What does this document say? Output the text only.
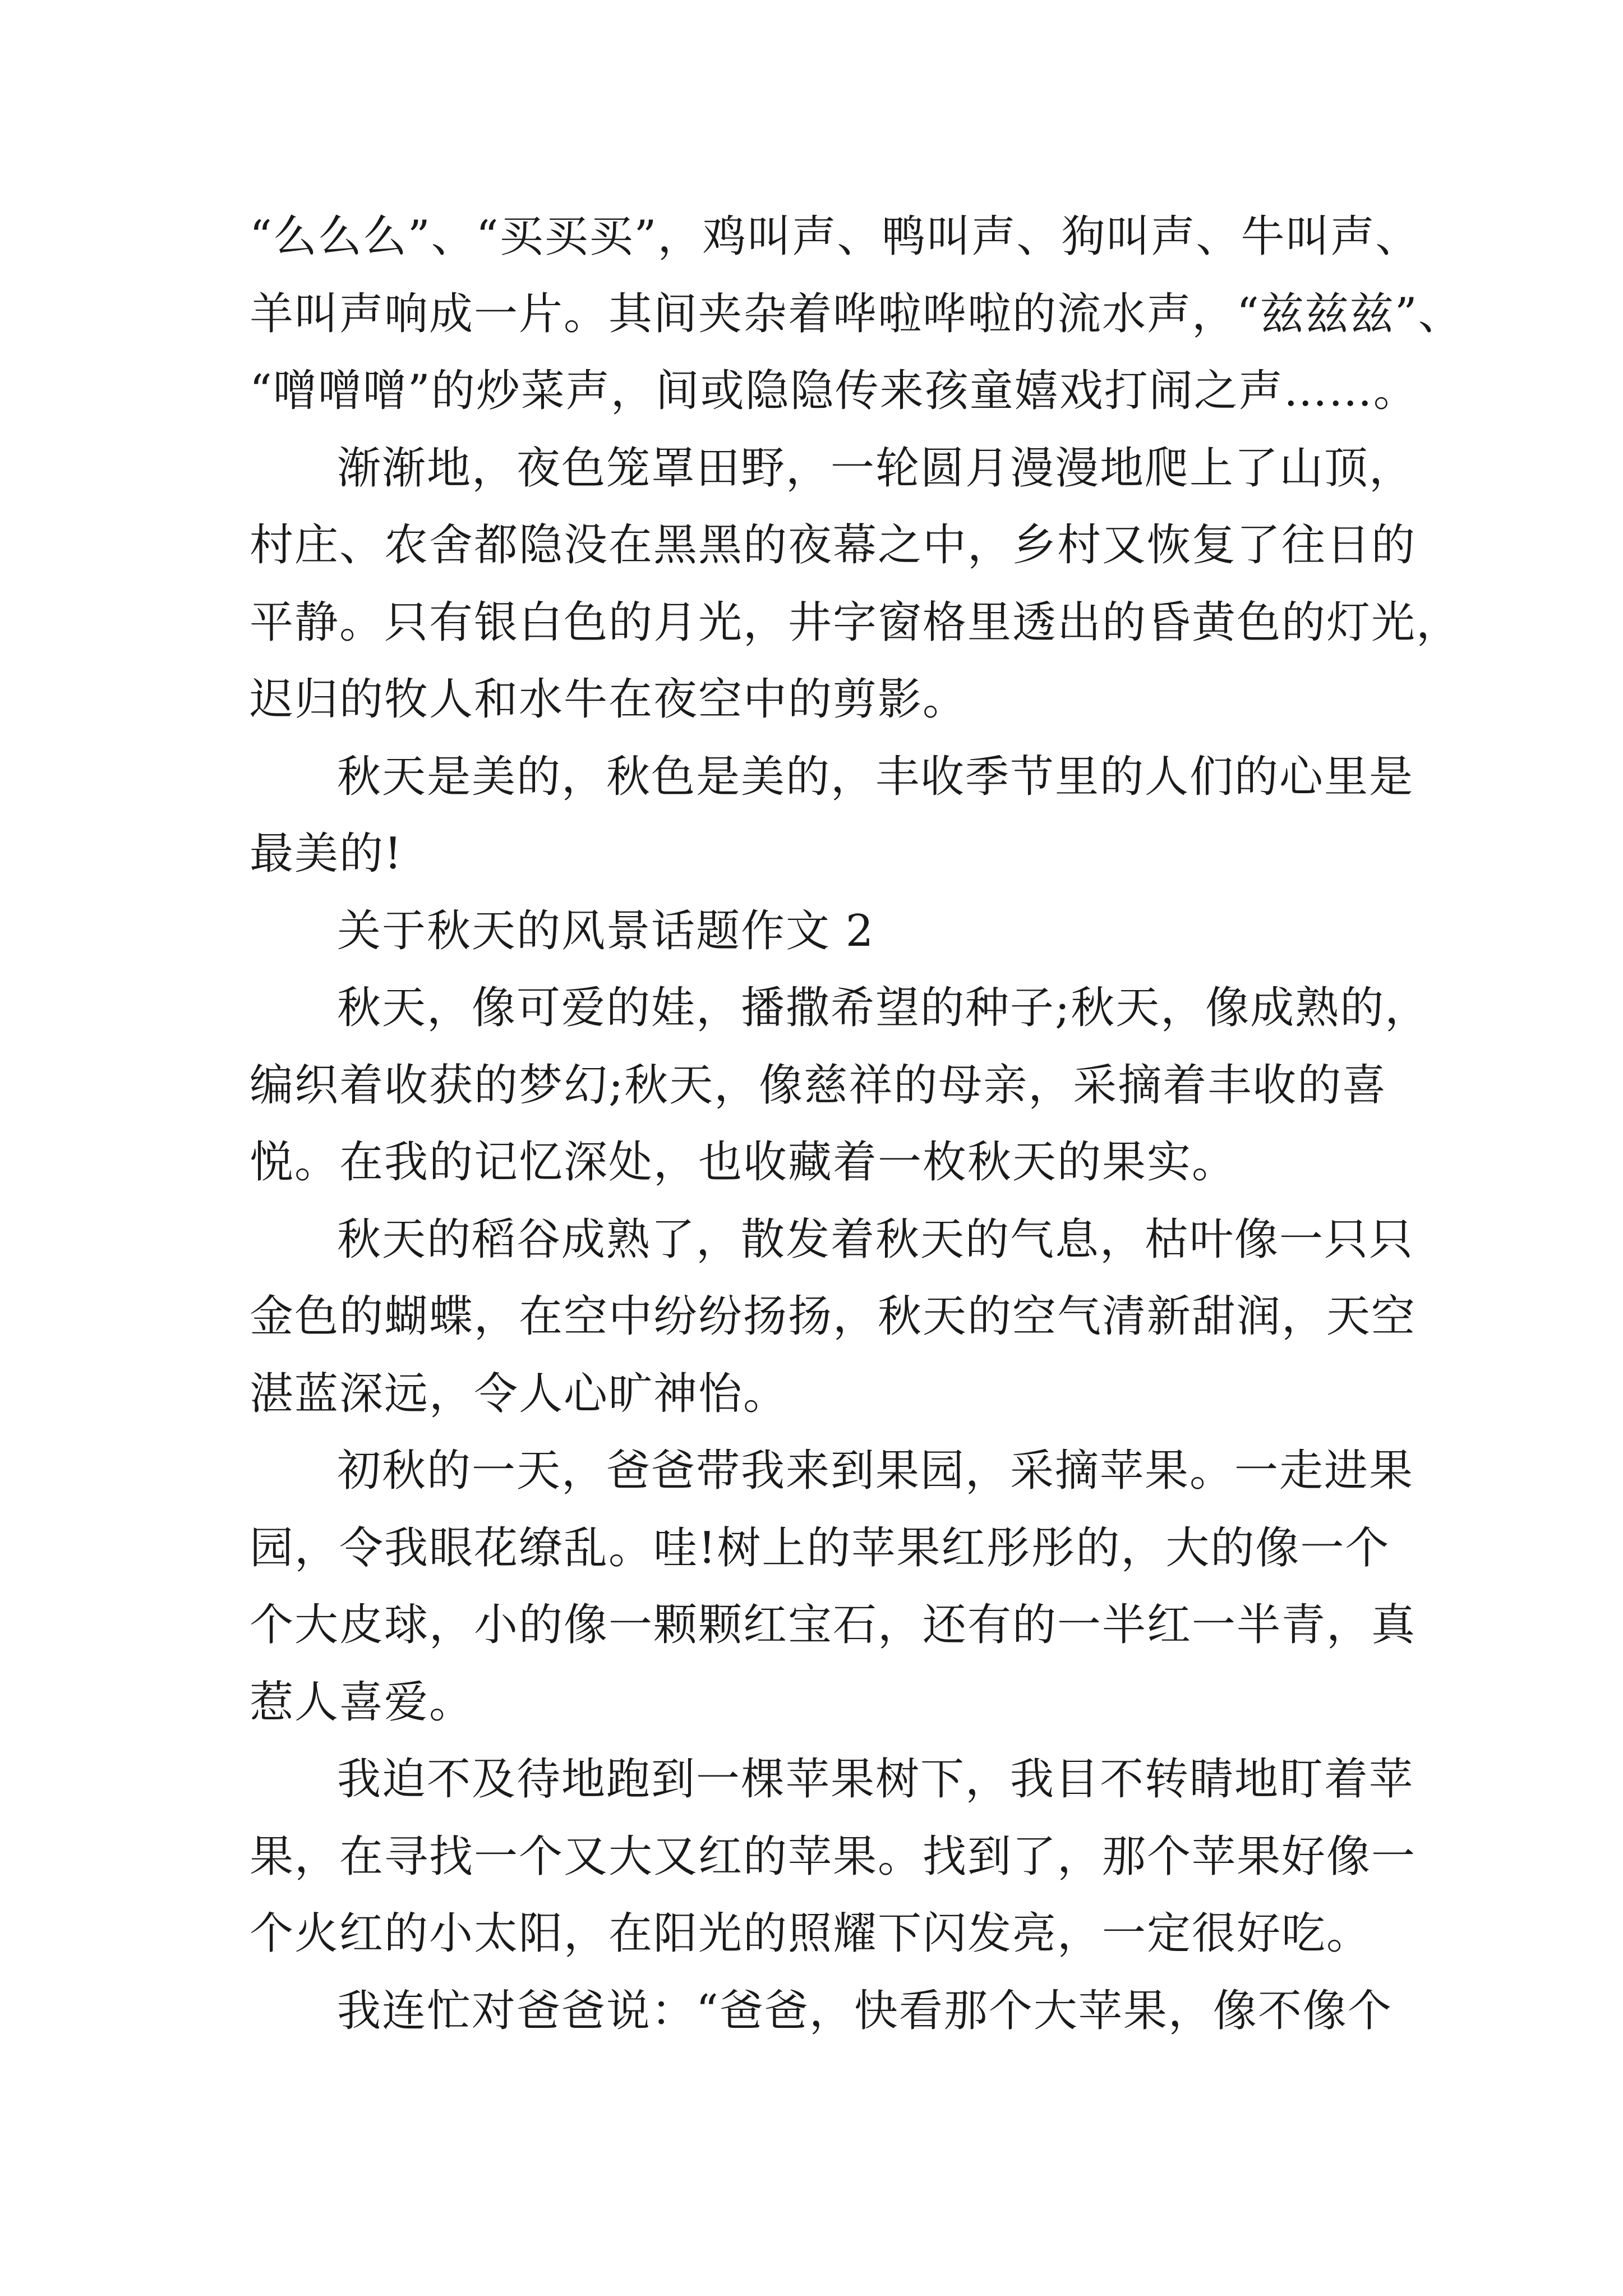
“么么么”、“买买买”，鸡叫声、鸭叫声、狗叫声、牛叫声、
羊叫声响成一片。其间夹杂着哗啦哗啦的流水声，“兹兹兹”、
“噌噌噌”的炒菜声，间或隐隐传来孩童嬉戏打闹之声……。
渐渐地，夜色笼罩田野，一轮圆月漫漫地爬上了山顶，
村庄、农舍都隐没在黑黑的夜幕之中，乡村又恢复了往日的
平静。只有银白色的月光，井字窗格里透出的昏黄色的灯光，
迟归的牧人和水牛在夜空中的剪影。
秋天是美的，秋色是美的，丰收季节里的人们的心里是
最美的!
关于秋天的风景话题作文 2
秋天，像可爱的娃，播撒希望的种子;秋天，像成熟的，
编织着收获的梦幻;秋天，像慈祥的母亲，采摘着丰收的喜
悦。在我的记忆深处，也收藏着一枚秋天的果实。
秋天的稻谷成熟了，散发着秋天的气息，枯叶像一只只
金色的蝴蝶，在空中纷纷扬扬，秋天的空气清新甜润，天空
湛蓝深远，令人心旷神怡。
初秋的一天，爸爸带我来到果园，采摘苹果。一走进果
园，令我眼花缭乱。哇!树上的苹果红彤彤的，大的像一个
个大皮球，小的像一颗颗红宝石，还有的一半红一半青，真
惹人喜爱。
我迫不及待地跑到一棵苹果树下，我目不转睛地盯着苹
果，在寻找一个又大又红的苹果。找到了，那个苹果好像一
个火红的小太阳，在阳光的照耀下闪发亮，一定很好吃。
我连忙对爸爸说：“爸爸，快看那个大苹果，像不像个
